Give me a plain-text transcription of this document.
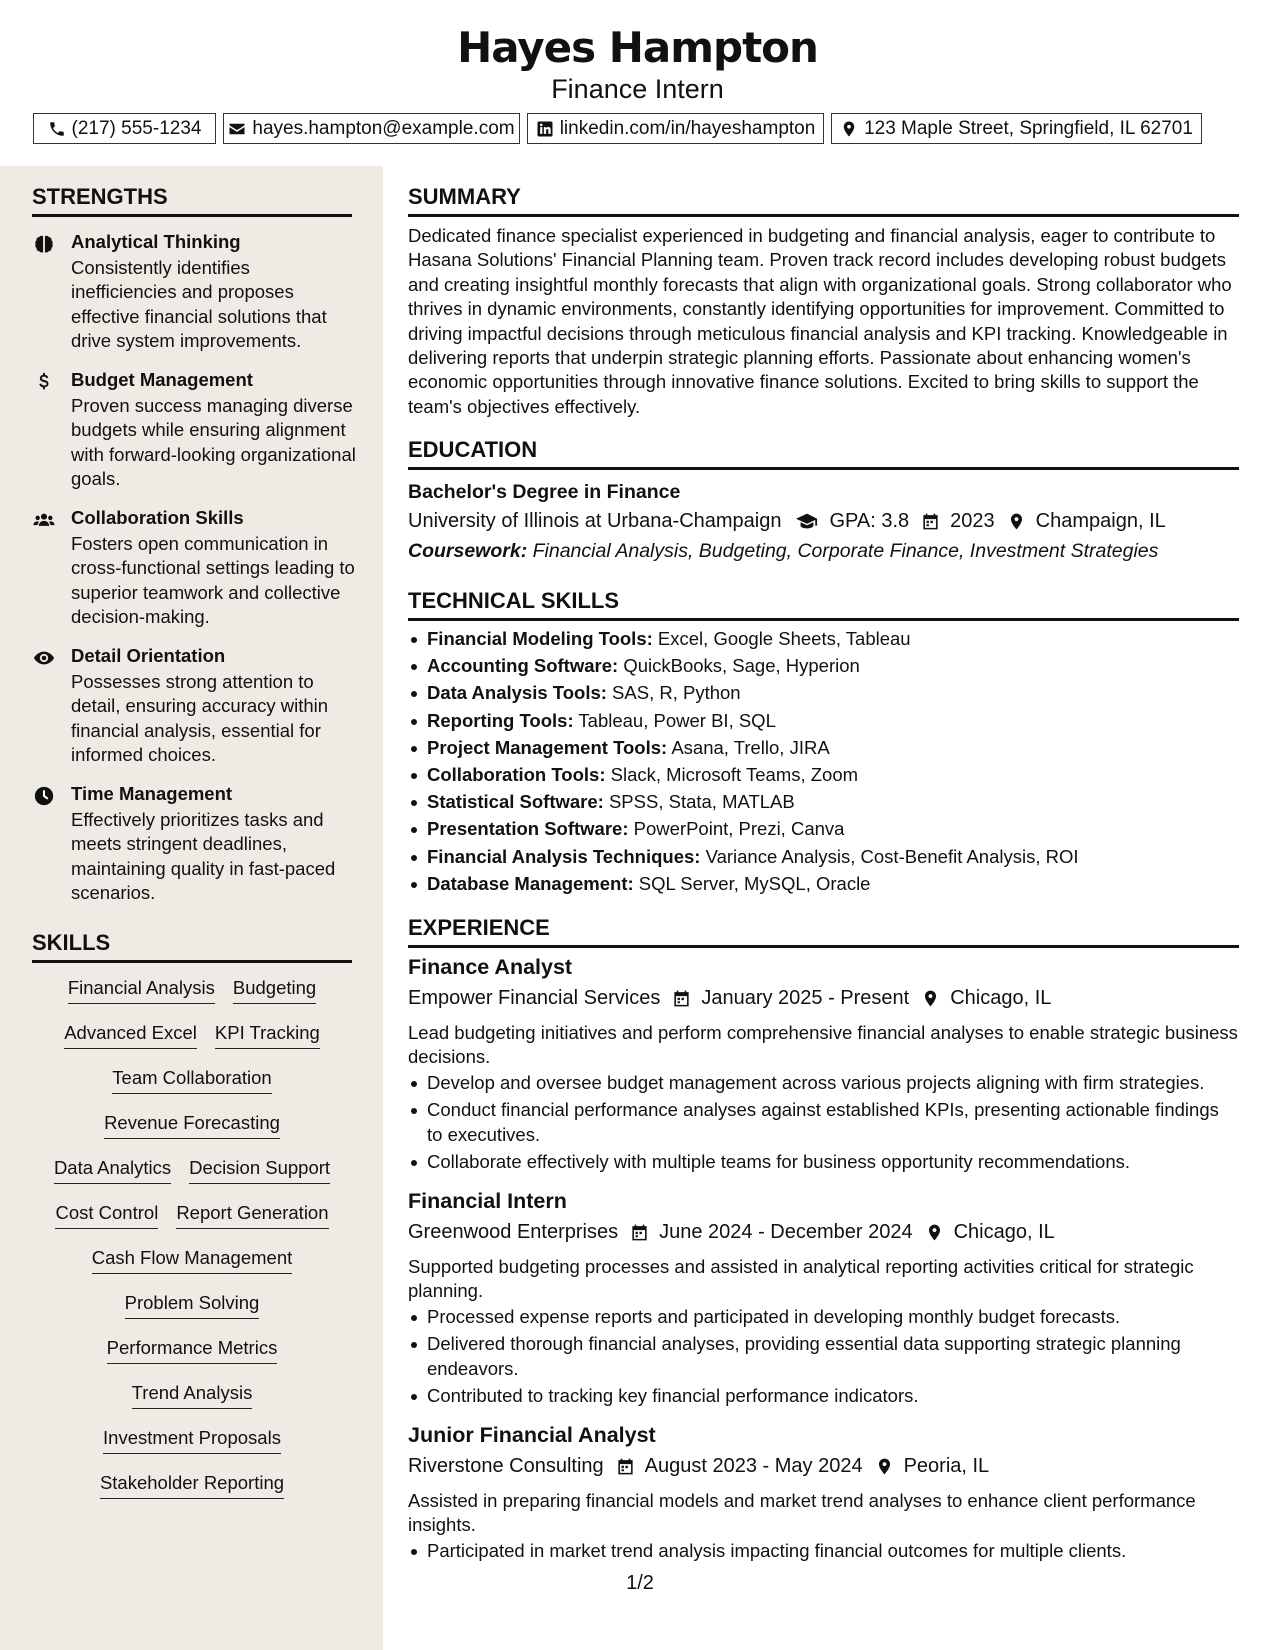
Hayes Hampton
Finance Intern
(217) 555-1234	hayes.hampton@example.com linkedin.com/in/hayeshampton	123 Maple Street, Springfield, IL 62701
STRENGTHS
Analytical Thinking
Consistently identifies inefficiencies and proposes effective financial solutions that drive system improvements.
Budget Management
Proven success managing diverse budgets while ensuring alignment with forward-looking organizational goals.
Collaboration Skills
Fosters open communication in cross-functional settings leading to superior teamwork and collective decision-making.
Detail Orientation
Possesses strong attention to detail, ensuring accuracy within financial analysis, essential for informed choices.
Time Management
Effectively prioritizes tasks and meets stringent deadlines, maintaining quality in fast-paced scenarios.
SKILLS
Financial Analysis Budgeting
Advanced Excel KPI Tracking
Team Collaboration
Revenue Forecasting
Data Analytics Decision Support
Cost Control Report Generation
Cash Flow Management
Problem Solving
Performance Metrics
Trend Analysis
Investment Proposals
Stakeholder Reporting
SUMMARY
Dedicated finance specialist experienced in budgeting and financial analysis, eager to contribute to Hasana Solutions' Financial Planning team. Proven track record includes developing robust budgets and creating insightful monthly forecasts that align with organizational goals. Strong collaborator who thrives in dynamic environments, constantly identifying opportunities for improvement. Committed to driving impactful decisions through meticulous financial analysis and KPI tracking. Knowledgeable in delivering reports that underpin strategic planning efforts. Passionate about enhancing women's economic opportunities through innovative finance solutions. Excited to bring skills to support the team's objectives effectively.
EDUCATION
Bachelor's Degree in Finance
University of Illinois at Urbana-Champaign GPA: 3.8 2023 Champaign, IL
Coursework: Financial Analysis, Budgeting, Corporate Finance, Investment Strategies
TECHNICAL SKILLS
Financial Modeling Tools: Excel, Google Sheets, Tableau
Accounting Software: QuickBooks, Sage, Hyperion
Data Analysis Tools: SAS, R, Python
Reporting Tools: Tableau, Power BI, SQL
Project Management Tools: Asana, Trello, JIRA
Collaboration Tools: Slack, Microsoft Teams, Zoom
Statistical Software: SPSS, Stata, MATLAB
Presentation Software: PowerPoint, Prezi, Canva
Financial Analysis Techniques: Variance Analysis, Cost-Benefit Analysis, ROI
Database Management: SQL Server, MySQL, Oracle
EXPERIENCE
Finance Analyst
Empower Financial Services January 2025 - Present Chicago, IL
Lead budgeting initiatives and perform comprehensive financial analyses to enable strategic business decisions.
Develop and oversee budget management across various projects aligning with firm strategies.
Conduct financial performance analyses against established KPIs, presenting actionable findings to executives.
Collaborate effectively with multiple teams for business opportunity recommendations.
Financial Intern
Greenwood Enterprises June 2024 - December 2024 Chicago, IL
Supported budgeting processes and assisted in analytical reporting activities critical for strategic planning.
Processed expense reports and participated in developing monthly budget forecasts.
Delivered thorough financial analyses, providing essential data supporting strategic planning endeavors.
Contributed to tracking key financial performance indicators.
Junior Financial Analyst
Riverstone Consulting August 2023 - May 2024 Peoria, IL
Assisted in preparing financial models and market trend analyses to enhance client performance insights.
Participated in market trend analysis impacting financial outcomes for multiple clients.
1/2
